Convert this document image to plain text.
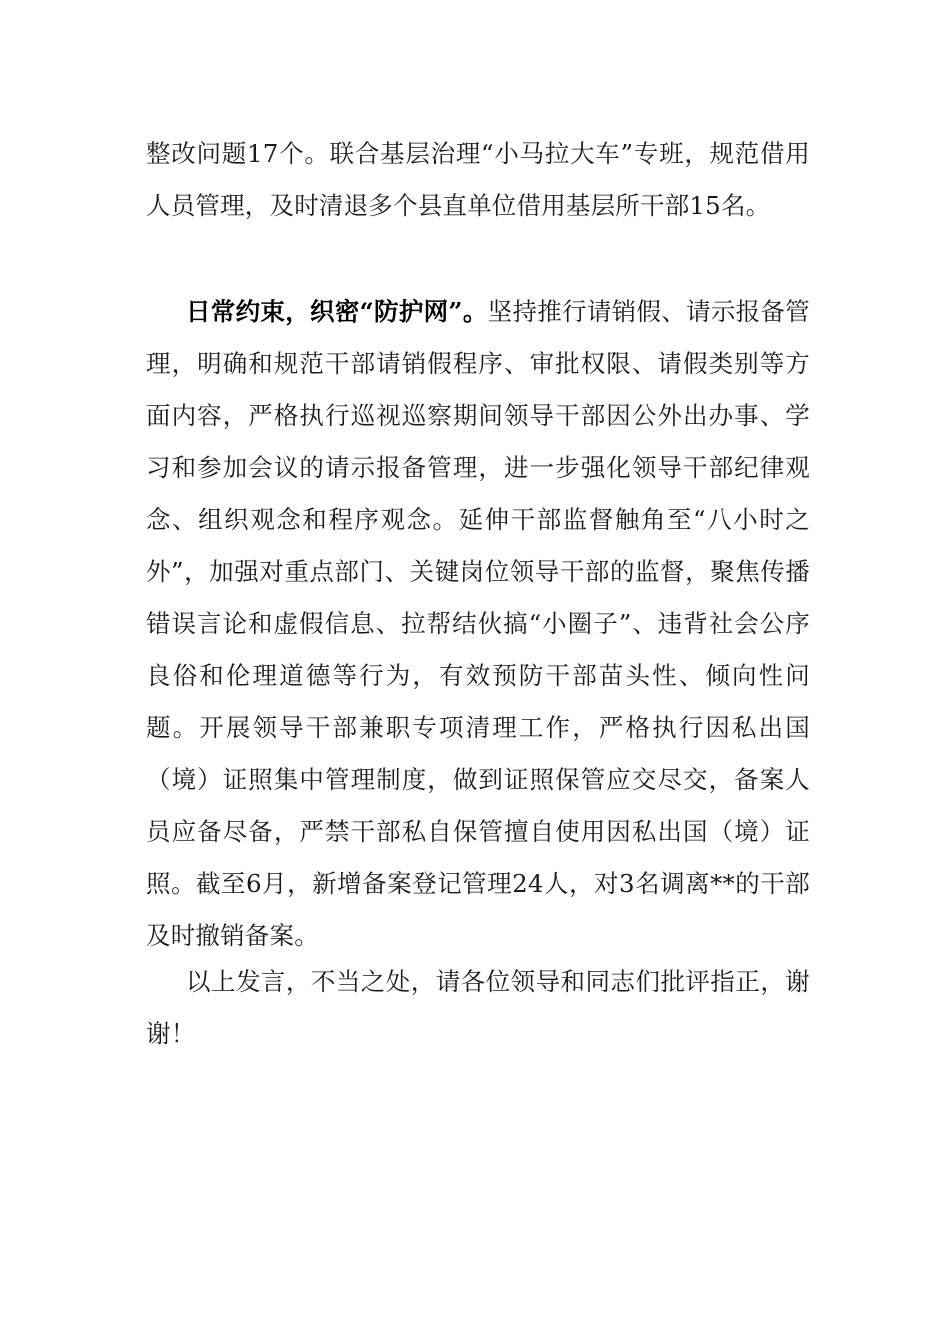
整改问题17个。联合基层治理“小马拉大车”专班，规范借用人员管理，及时清退多个县直单位借用基层所干部15名。

日常约束，织密“防护网”。坚持推行请销假、请示报备管理，明确和规范干部请销假程序、审批权限、请假类别等方面内容，严格执行巡视巡察期间领导干部因公外出办事、学习和参加会议的请示报备管理，进一步强化领导干部纪律观念、组织观念和程序观念。延伸干部监督触角至“八小时之外”，加强对重点部门、关键岗位领导干部的监督，聚焦传播错误言论和虚假信息、拉帮结伙搞“小圈子”、违背社会公序良俗和伦理道德等行为，有效预防干部苗头性、倾向性问题。开展领导干部兼职专项清理工作，严格执行因私出国（境）证照集中管理制度，做到证照保管应交尽交，备案人员应备尽备，严禁干部私自保管擅自使用因私出国（境）证照。截至6月，新增备案登记管理24人，对3名调离**的干部及时撤销备案。

以上发言，不当之处，请各位领导和同志们批评指正，谢谢！
